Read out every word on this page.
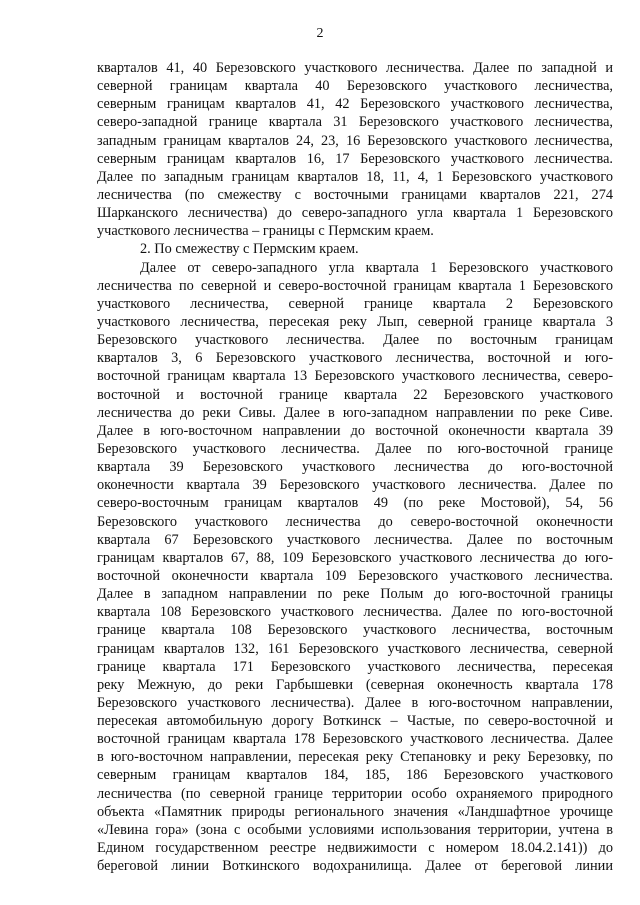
2
кварталов 41, 40 Березовского участкового лесничества. Далее по западной и
северной границам квартала 40 Березовского участкового лесничества,
северным границам кварталов 41, 42 Березовского участкового лесничества,
северо-западной границе квартала 31 Березовского участкового лесничества,
западным границам кварталов 24, 23, 16 Березовского участкового лесничества,
северным границам кварталов 16, 17 Березовского участкового лесничества.
Далее по западным границам кварталов 18, 11, 4, 1 Березовского участкового
лесничества (по смежеству с восточными границами кварталов 221, 274
Шарканского лесничества) до северо-западного угла квартала 1 Березовского
участкового лесничества – границы с Пермским краем.
2. По смежеству с Пермским краем.
Далее от северо-западного угла квартала 1 Березовского участкового
лесничества по северной и северо-восточной границам квартала 1 Березовского
участкового лесничества, северной границе квартала 2 Березовского
участкового лесничества, пересекая реку Лып, северной границе квартала 3
Березовского участкового лесничества. Далее по восточным границам
кварталов 3, 6 Березовского участкового лесничества, восточной и юго-
восточной границам квартала 13 Березовского участкового лесничества, северо-
восточной и восточной границе квартала 22 Березовского участкового
лесничества до реки Сивы. Далее в юго-западном направлении по реке Сиве.
Далее в юго-восточном направлении до восточной оконечности квартала 39
Березовского участкового лесничества. Далее по юго-восточной границе
квартала 39 Березовского участкового лесничества до юго-восточной
оконечности квартала 39 Березовского участкового лесничества. Далее по
северо-восточным границам кварталов 49 (по реке Мостовой), 54, 56
Березовского участкового лесничества до северо-восточной оконечности
квартала 67 Березовского участкового лесничества. Далее по восточным
границам кварталов 67, 88, 109 Березовского участкового лесничества до юго-
восточной оконечности квартала 109 Березовского участкового лесничества.
Далее в западном направлении по реке Полым до юго-восточной границы
квартала 108 Березовского участкового лесничества. Далее по юго-восточной
границе квартала 108 Березовского участкового лесничества, восточным
границам кварталов 132, 161 Березовского участкового лесничества, северной
границе квартала 171 Березовского участкового лесничества, пересекая
реку Межную, до реки Гарбышевки (северная оконечность квартала 178
Березовского участкового лесничества). Далее в юго-восточном направлении,
пересекая автомобильную дорогу Воткинск – Частые, по северо-восточной и
восточной границам квартала 178 Березовского участкового лесничества. Далее
в юго-восточном направлении, пересекая реку Степановку и реку Березовку, по
северным границам кварталов 184, 185, 186 Березовского участкового
лесничества (по северной границе территории особо охраняемого природного
объекта «Памятник природы регионального значения «Ландшафтное урочище
«Левина гора» (зона с особыми условиями использования территории, учтена в
Едином государственном реестре недвижимости с номером 18.04.2.141)) до
береговой линии Воткинского водохранилища. Далее от береговой линии
